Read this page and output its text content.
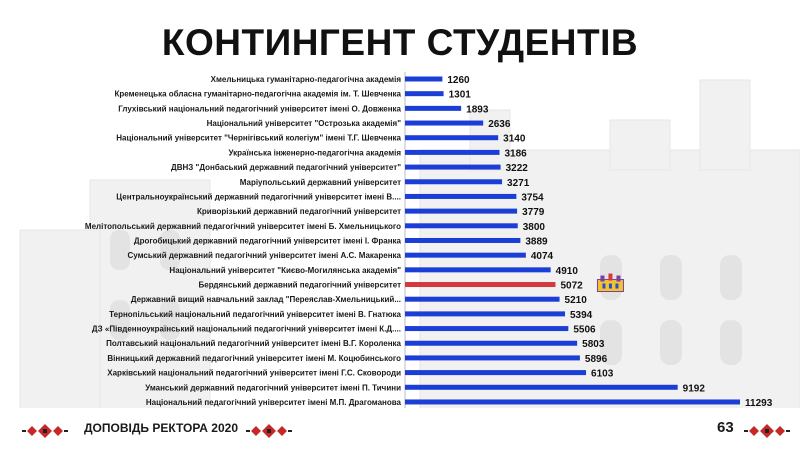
КОНТИНГЕНТ СТУДЕНТІВ
Хмельницька гуманітарно-педагогічна академія	1260
Кременецька обласна гуманітарно-педагогічна академія ім. Т. Шевченка	1301
Глухівський національний педагогічний університет імені О. Довженка	1893
Національний університет "Острозька академія"	2636
Національний університет "Чернігівський колегіум" імені Т.Г. Шевченка	3140
Українська інженерно-педагогічна академія	3186
ДВНЗ "Донбаський державний педагогічний університет"	3222
Маріупольський державний університет	3271
Центральноукраїнський державний педагогічний університет імені В....	3754
Криворізький державний педагогічний університет	3779
Мелітопольський державний педагогічний університет імені Б. Хмельницького	3800
Дрогобицький державний педагогічний університет імені І. Франка	3889
Сумський державний педагогічний університет імені А.С. Макаренка	4074
Національний університет "Києво-Могилянська академія"	4910
Бердянський державний педагогічний університет	5072
Державний вищий навчальний заклад "Переяслав-Хмельницький...	5210
Тернопільський національний педагогічний університет імені В. Гнатюка	5394
ДЗ «Південноукраїнський національний педагогічний університет імені К.Д....	5506
Полтавський національний педагогічний університет імені В.Г. Короленка	5803
Вінницький державний педагогічний університет імені М. Коцюбинського	5896
Харківський національний педагогічний університет імені Г.С. Сковороди	6103
Уманський державний педагогічний університет імені П. Тичини	9192
Національний педагогічний університет імені М.П. Драгоманова	11293
ДОПОВІДЬ РЕКТОРА 2020	63
